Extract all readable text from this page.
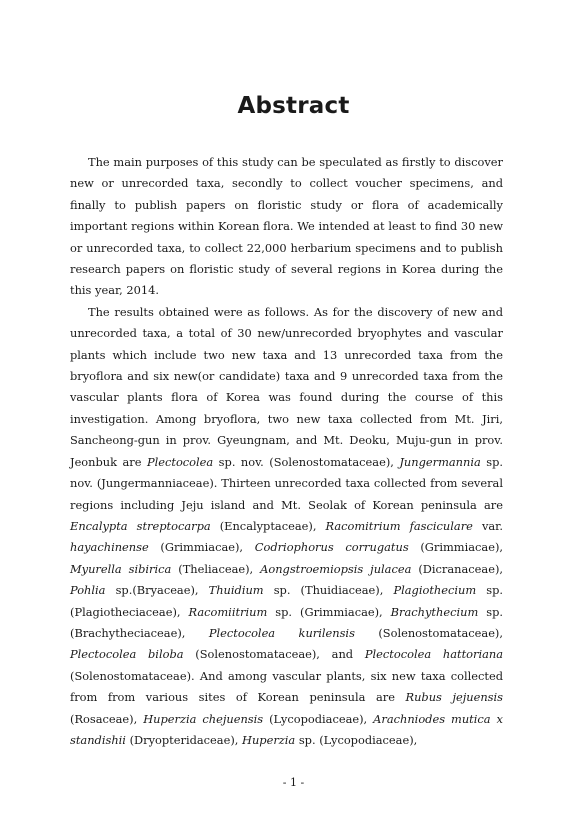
Abstract

The main purposes of this study can be speculated as firstly to discover new or unrecorded taxa, secondly to collect voucher specimens, and finally to publish papers on floristic study or flora of academically important regions within Korean flora. We intended at least to find 30 new or unrecorded taxa, to collect 22,000 herbarium specimens and to publish research papers on floristic study of several regions in Korea during the this year, 2014.

The results obtained were as follows. As for the discovery of new and unrecorded taxa, a total of 30 new/unrecorded bryophytes and vascular plants which include two new taxa and 13 unrecorded taxa from the bryoflora and six new(or candidate) taxa and 9 unrecorded taxa from the vascular plants flora of Korea was found during the course of this investigation. Among bryoflora, two new taxa collected from Mt. Jiri, Sancheong-gun in prov. Gyeungnam, and Mt. Deoku, Muju-gun in prov. Jeonbuk are Plectocolea sp. nov. (Solenostomataceae), Jungermannia sp. nov. (Jungermanniaceae). Thirteen unrecorded taxa collected from several regions including Jeju island and Mt. Seolak of Korean peninsula are Encalypta streptocarpa (Encalyptaceae), Racomitrium fasciculare var. hayachinense (Grimmiacae), Codriophorus corrugatus (Grimmiacae), Myurella sibirica (Theliaceae), Aongstroemiopsis julacea (Dicranaceae), Pohlia sp.(Bryaceae), Thuidium sp. (Thuidiaceae), Plagiothecium sp. (Plagiotheciaceae), Racomiitrium sp. (Grimmiacae), Brachythecium sp. (Brachytheciaceae), Plectocolea kurilensis (Solenostomataceae), Plectocolea biloba (Solenostomataceae), and Plectocolea hattoriana (Solenostomataceae). And among vascular plants, six new taxa collected from from various sites of Korean peninsula are Rubus jejuensis (Rosaceae), Huperzia chejuensis (Lycopodiaceae), Arachniodes mutica x standishii (Dryopteridaceae), Huperzia sp. (Lycopodiaceae),

- 1 -
